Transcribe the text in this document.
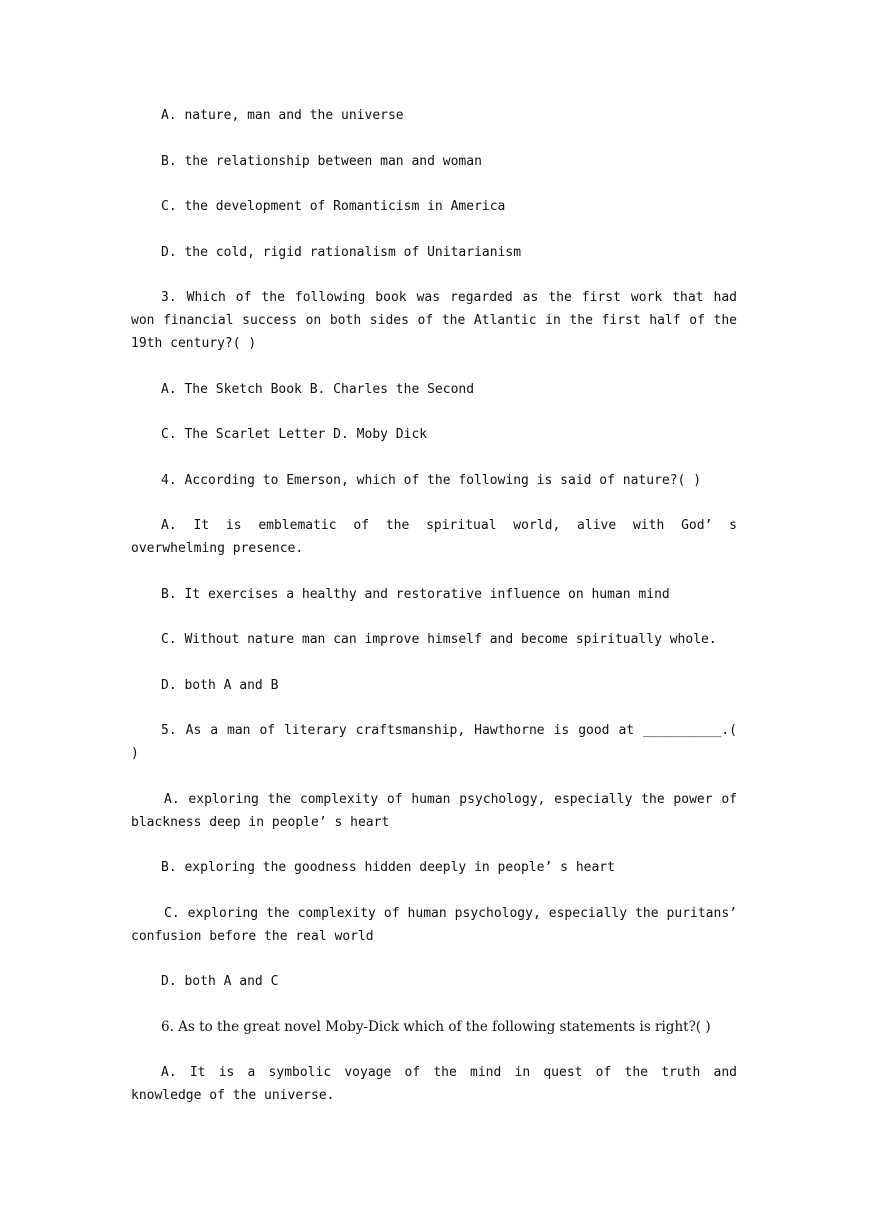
A. nature, man and the universe

B. the relationship between man and woman

C. the development of Romanticism in America

D. the cold, rigid rationalism of Unitarianism

3. Which of the following book was regarded as the first work that had won financial success on both sides of the Atlantic in the first half of the 19th century?( )

A. The Sketch Book B. Charles the Second

C. The Scarlet Letter D. Moby Dick

4. According to Emerson, which of the following is said of nature?( )

A. It is emblematic of the spiritual world, alive with God’ s overwhelming presence.

B. It exercises a healthy and restorative influence on human mind

C. Without nature man can improve himself and become spiritually whole.

D. both A and B

5. As a man of literary craftsmanship, Hawthorne is good at __________.( )

A. exploring the complexity of human psychology, especially the power of blackness deep in people’ s heart

B. exploring the goodness hidden deeply in people’ s heart

C. exploring the complexity of human psychology, especially the puritans’ confusion before the real world

D. both A and C

6. As to the great novel Moby-Dick which of the following statements is right?( )

A. It is a symbolic voyage of the mind in quest of the truth and knowledge of the universe.
